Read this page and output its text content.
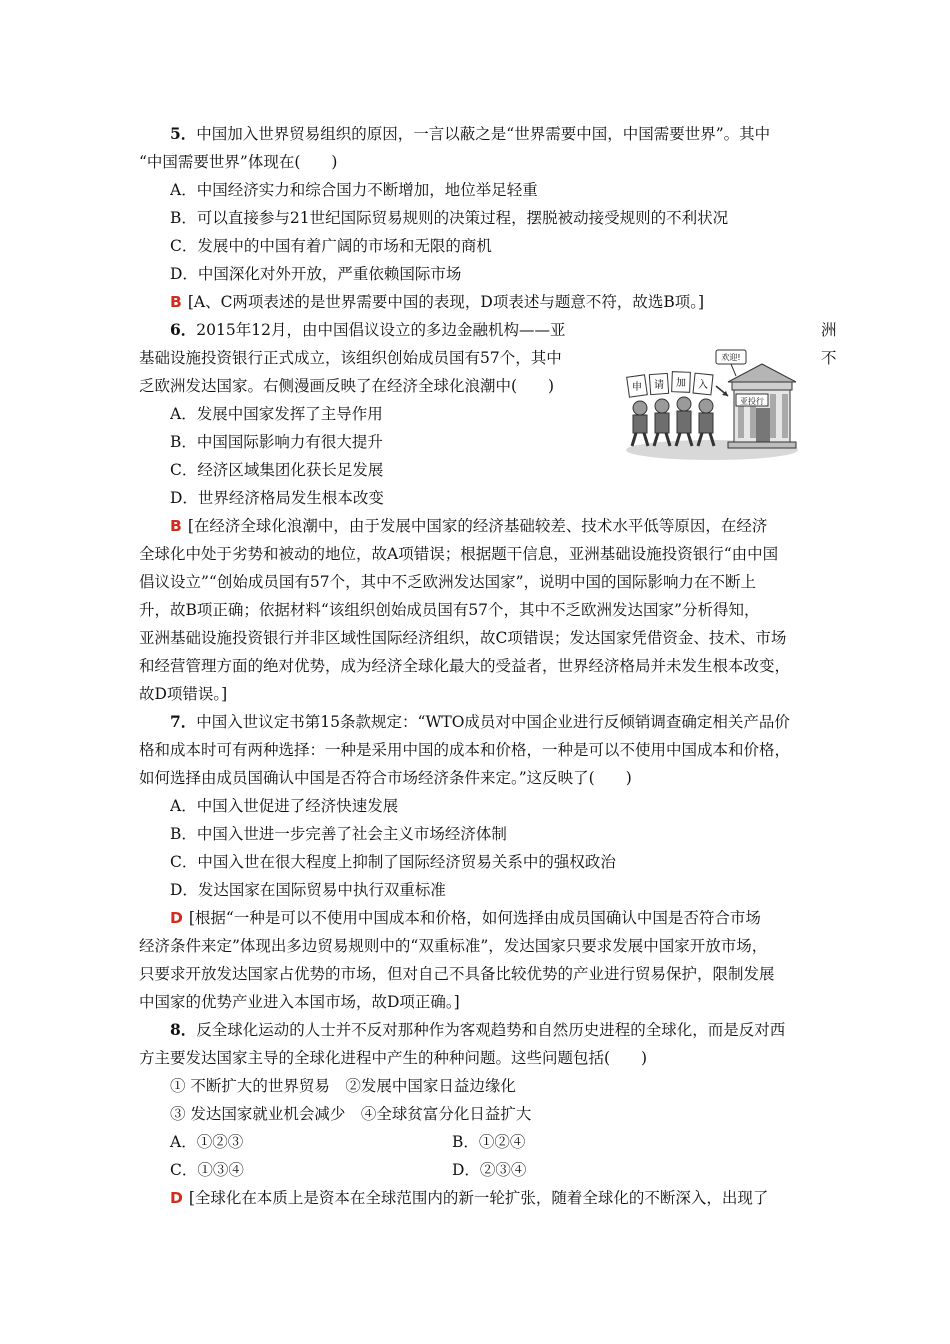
5．中国加入世界贸易组织的原因，一言以蔽之是“世界需要中国，中国需要世界”。其中
“中国需要世界”体现在(　　)
A．中国经济实力和综合国力不断增加，地位举足轻重
B．可以直接参与21世纪国际贸易规则的决策过程，摆脱被动接受规则的不利状况
C．发展中的中国有着广阔的市场和无限的商机
D．中国深化对外开放，严重依赖国际市场
B [A、C两项表述的是世界需要中国的表现，D项表述与题意不符，故选B项。]
6．2015年12月，由中国倡议设立的多边金融机构——亚	洲
基础设施投资银行正式成立，该组织创始成员国有57个，其中	不
乏欧洲发达国家。右侧漫画反映了在经济全球化浪潮中(　　)
亚投行
欢迎!
申 请 加 入
A．发展中国家发挥了主导作用
B．中国国际影响力有很大提升
C．经济区域集团化获长足发展
D．世界经济格局发生根本改变
B [在经济全球化浪潮中，由于发展中国家的经济基础较差、技术水平低等原因，在经济
全球化中处于劣势和被动的地位，故A项错误；根据题干信息，亚洲基础设施投资银行“由中国
倡议设立”“创始成员国有57个，其中不乏欧洲发达国家”，说明中国的国际影响力在不断上
升，故B项正确；依据材料“该组织创始成员国有57个，其中不乏欧洲发达国家”分析得知，
亚洲基础设施投资银行并非区域性国际经济组织，故C项错误；发达国家凭借资金、技术、市场
和经营管理方面的绝对优势，成为经济全球化最大的受益者，世界经济格局并未发生根本改变，
故D项错误。]
7．中国入世议定书第15条款规定：“WTO成员对中国企业进行反倾销调查确定相关产品价
格和成本时可有两种选择：一种是采用中国的成本和价格，一种是可以不使用中国成本和价格，
如何选择由成员国确认中国是否符合市场经济条件来定。”这反映了(　　)
A．中国入世促进了经济快速发展
B．中国入世进一步完善了社会主义市场经济体制
C．中国入世在很大程度上抑制了国际经济贸易关系中的强权政治
D．发达国家在国际贸易中执行双重标准
D [根据“一种是可以不使用中国成本和价格，如何选择由成员国确认中国是否符合市场
经济条件来定”体现出多边贸易规则中的“双重标准”，发达国家只要求发展中国家开放市场，
只要求开放发达国家占优势的市场，但对自己不具备比较优势的产业进行贸易保护，限制发展
中国家的优势产业进入本国市场，故D项正确。]
8．反全球化运动的人士并不反对那种作为客观趋势和自然历史进程的全球化，而是反对西
方主要发达国家主导的全球化进程中产生的种种问题。这些问题包括(　　)
① 不断扩大的世界贸易　②发展中国家日益边缘化
③ 发达国家就业机会减少　④全球贫富分化日益扩大
A．①②③	B．①②④
C．①③④	D．②③④
D [全球化在本质上是资本在全球范围内的新一轮扩张，随着全球化的不断深入，出现了
